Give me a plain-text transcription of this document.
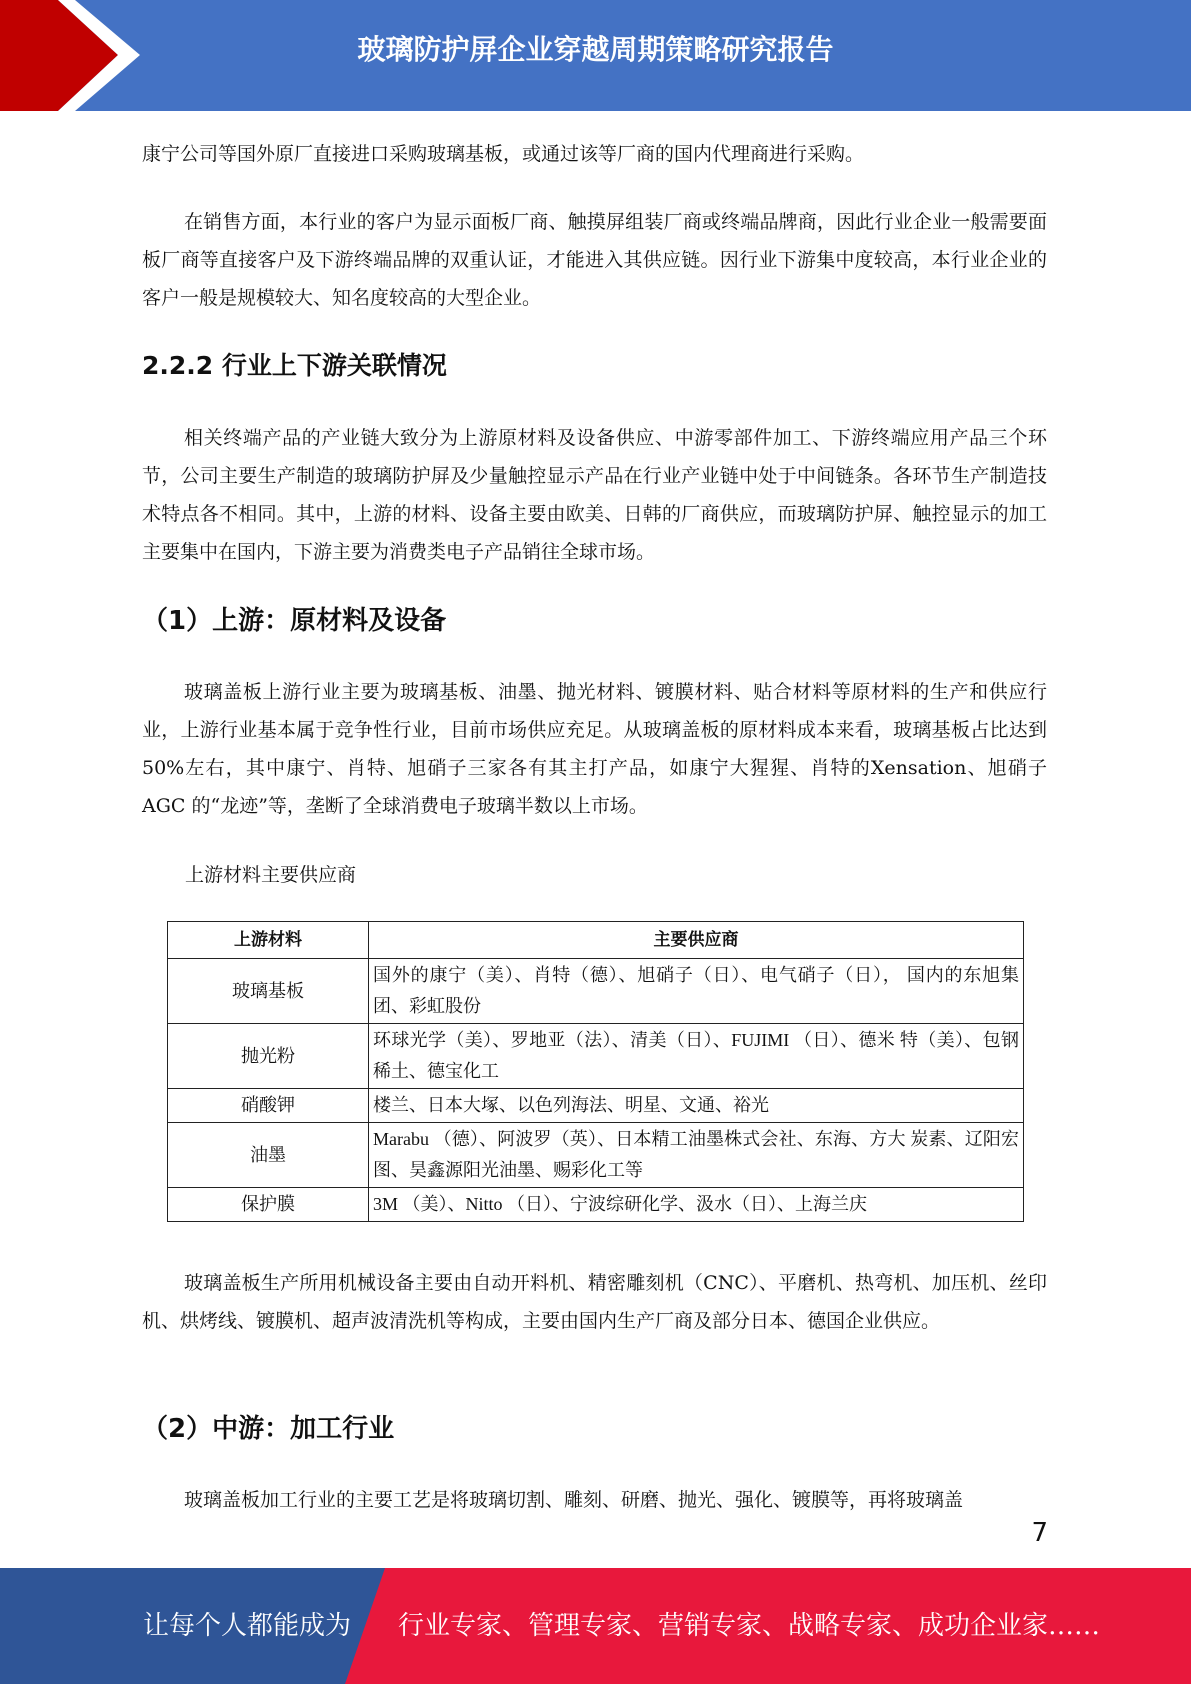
玻璃防护屏企业穿越周期策略研究报告
康宁公司等国外原厂直接进口采购玻璃基板，或通过该等厂商的国内代理商进行采购。
在销售方面，本行业的客户为显示面板厂商、触摸屏组装厂商或终端品牌商，因此行业企业一般需要面板厂商等直接客户及下游终端品牌的双重认证，才能进入其供应链。因行业下游集中度较高，本行业企业的客户一般是规模较大、知名度较高的大型企业。
2.2.2 行业上下游关联情况
相关终端产品的产业链大致分为上游原材料及设备供应、中游零部件加工、下游终端应用产品三个环节，公司主要生产制造的玻璃防护屏及少量触控显示产品在行业产业链中处于中间链条。各环节生产制造技术特点各不相同。其中，上游的材料、设备主要由欧美、日韩的厂商供应，而玻璃防护屏、触控显示的加工主要集中在国内，下游主要为消费类电子产品销往全球市场。
（1）上游：原材料及设备
玻璃盖板上游行业主要为玻璃基板、油墨、抛光材料、镀膜材料、贴合材料等原材料的生产和供应行业，上游行业基本属于竞争性行业，目前市场供应充足。从玻璃盖板的原材料成本来看，玻璃基板占比达到 50%左右，其中康宁、肖特、旭硝子三家各有其主打产品，如康宁大猩猩、肖特的Xensation、旭硝子 AGC 的“龙迹”等，垄断了全球消费电子玻璃半数以上市场。
上游材料主要供应商
上游材料	主要供应商
玻璃基板	国外的康宁（美）、肖特（德）、旭硝子（日）、电气硝子（日）， 国内的东旭集团、彩虹股份
抛光粉	环球光学（美）、罗地亚（法）、清美（日）、FUJIMI （日）、德米 特（美）、包钢稀土、德宝化工
硝酸钾	楼兰、日本大塚、以色列海法、明星、文通、裕光
油墨	Marabu （德）、阿波罗（英）、日本精工油墨株式会社、东海、方大 炭素、辽阳宏图、昊鑫源阳光油墨、赐彩化工等
保护膜	3M （美）、Nitto （日）、宁波综研化学、汲水（日）、上海兰庆
玻璃盖板生产所用机械设备主要由自动开料机、精密雕刻机（CNC）、平磨机、热弯机、加压机、丝印机、烘烤线、镀膜机、超声波清洗机等构成，主要由国内生产厂商及部分日本、德国企业供应。
（2）中游：加工行业
玻璃盖板加工行业的主要工艺是将玻璃切割、雕刻、研磨、抛光、强化、镀膜等，再将玻璃盖
7
让每个人都能成为 行业专家、管理专家、营销专家、战略专家、成功企业家……
